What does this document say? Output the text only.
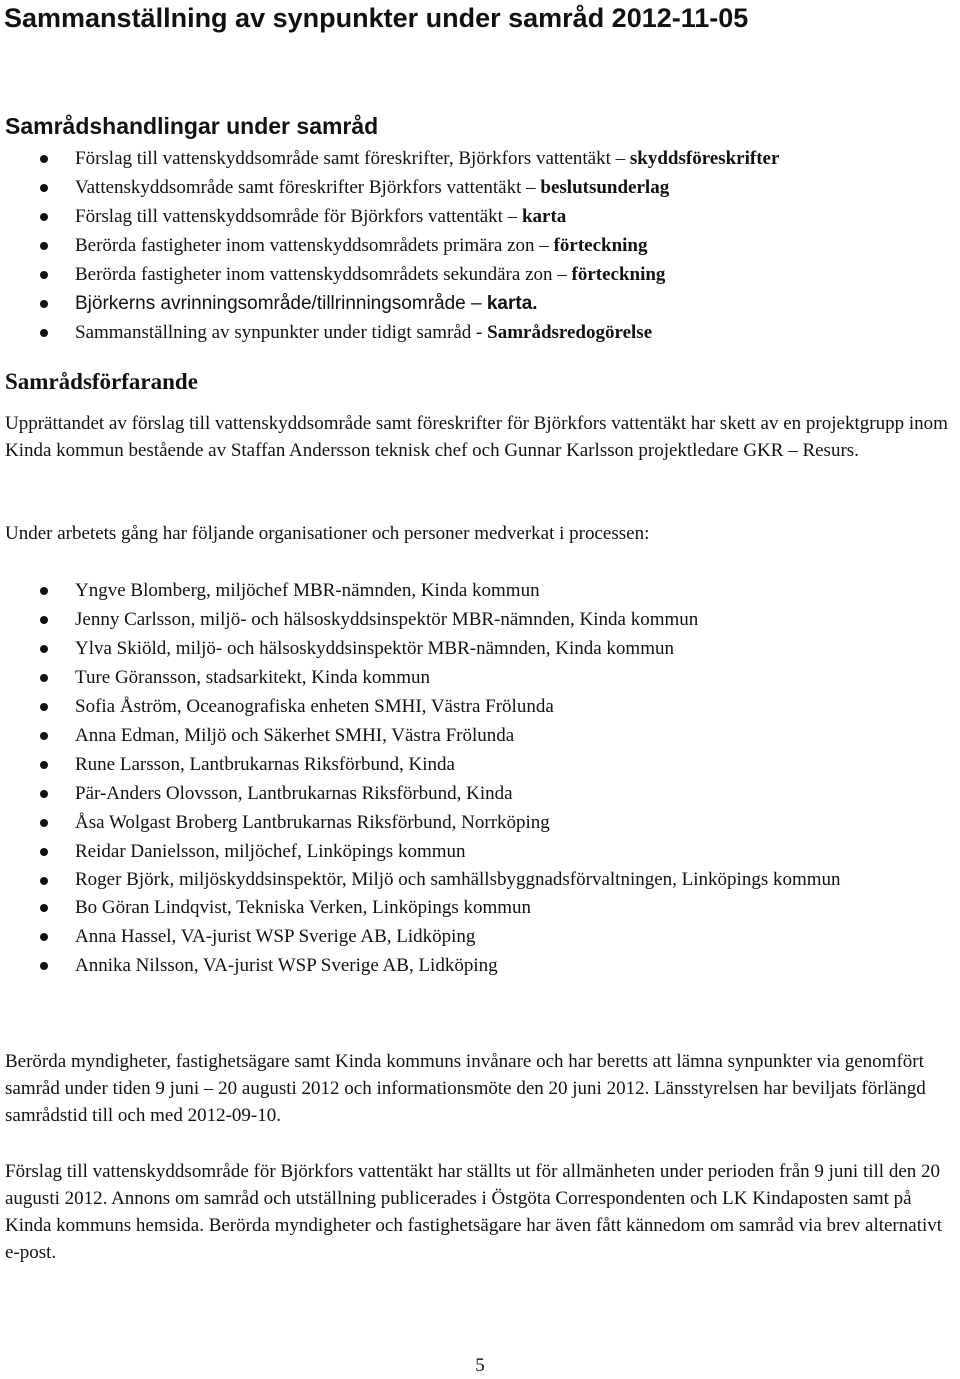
Sammanställning av synpunkter under samråd 2012-11-05
Samrådshandlingar under samråd
Förslag till vattenskyddsområde samt föreskrifter, Björkfors vattentäkt – skyddsföreskrifter
Vattenskyddsområde samt föreskrifter Björkfors vattentäkt – beslutsunderlag
Förslag till vattenskyddsområde för Björkfors vattentäkt – karta
Berörda fastigheter inom vattenskyddsområdets primära zon – förteckning
Berörda fastigheter inom vattenskyddsområdets sekundära zon – förteckning
Björkerns avrinningsområde/tillrinningsområde – karta.
Sammanställning av synpunkter under tidigt samråd - Samrådsredogörelse
Samrådsförfarande

Upprättandet av förslag till vattenskyddsområde samt föreskrifter för Björkfors vattentäkt har skett av en projektgrupp inom Kinda kommun bestående av Staffan Andersson teknisk chef och Gunnar Karlsson projektledare GKR – Resurs.

Under arbetets gång har följande organisationer och personer medverkat i processen:

Yngve Blomberg, miljöchef MBR-nämnden, Kinda kommun
Jenny Carlsson, miljö- och hälsoskyddsinspektör MBR-nämnden, Kinda kommun
Ylva Skiöld, miljö- och hälsoskyddsinspektör MBR-nämnden, Kinda kommun
Ture Göransson, stadsarkitekt, Kinda kommun
Sofia Åström, Oceanografiska enheten SMHI, Västra Frölunda
Anna Edman, Miljö och Säkerhet SMHI, Västra Frölunda
Rune Larsson, Lantbrukarnas Riksförbund, Kinda
Pär-Anders Olovsson, Lantbrukarnas Riksförbund, Kinda
Åsa Wolgast Broberg Lantbrukarnas Riksförbund, Norrköping
Reidar Danielsson, miljöchef, Linköpings kommun
Roger Björk, miljöskyddsinspektör, Miljö och samhällsbyggnadsförvaltningen, Linköpings kommun
Bo Göran Lindqvist, Tekniska Verken, Linköpings kommun
Anna Hassel, VA-jurist WSP Sverige AB, Lidköping
Annika Nilsson, VA-jurist WSP Sverige AB, Lidköping

Berörda myndigheter, fastighetsägare samt Kinda kommuns invånare och har beretts att lämna synpunkter via genomfört samråd under tiden 9 juni – 20 augusti 2012 och informationsmöte den 20 juni 2012. Länsstyrelsen har beviljats förlängd samrådstid till och med 2012-09-10.

Förslag till vattenskyddsområde för Björkfors vattentäkt har ställts ut för allmänheten under perioden från 9 juni till den 20 augusti 2012. Annons om samråd och utställning publicerades i Östgöta Correspondenten och LK Kindaposten samt på Kinda kommuns hemsida. Berörda myndigheter och fastighetsägare har även fått kännedom om samråd via brev alternativt e-post.

5
